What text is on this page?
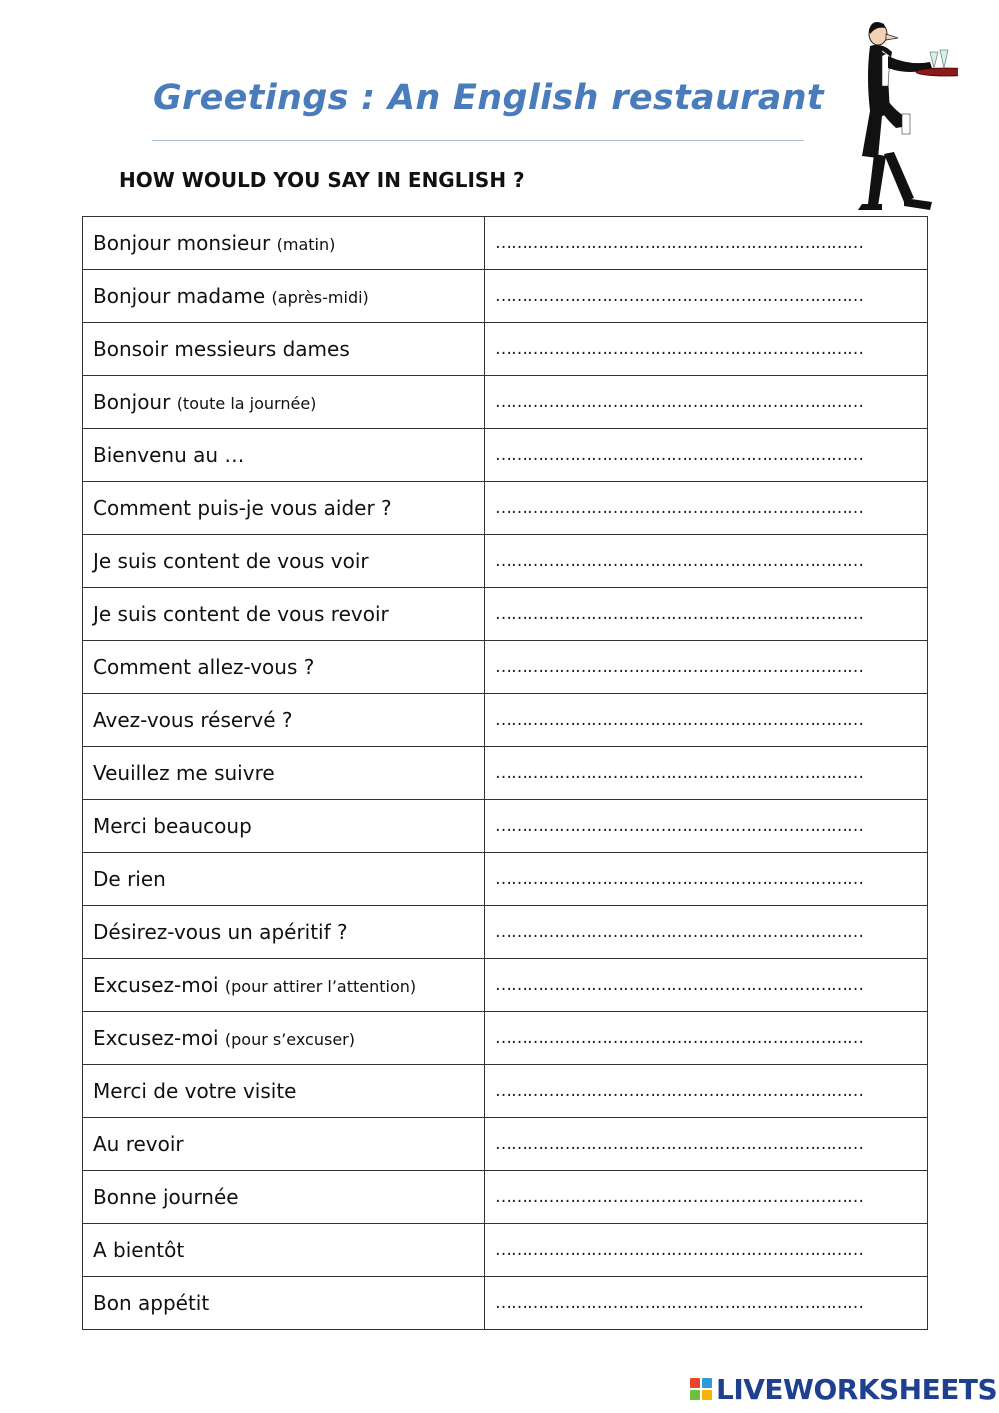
Greetings : An English restaurant
HOW WOULD YOU SAY IN ENGLISH ?
Bonjour monsieur (matin)	……………………………………………………………
Bonjour madame (après-midi)	……………………………………………………………
Bonsoir messieurs dames	……………………………………………………………
Bonjour (toute la journée)	……………………………………………………………
Bienvenu au …	……………………………………………………………
Comment puis-je vous aider ?	……………………………………………………………
Je suis content de vous voir	……………………………………………………………
Je suis content de vous revoir	……………………………………………………………
Comment allez-vous ?	……………………………………………………………
Avez-vous réservé ?	……………………………………………………………
Veuillez me suivre	……………………………………………………………
Merci beaucoup	……………………………………………………………
De rien	……………………………………………………………
Désirez-vous un apéritif ?	……………………………………………………………
Excusez-moi (pour attirer l’attention)	……………………………………………………………
Excusez-moi (pour s’excuser)	……………………………………………………………
Merci de votre visite	……………………………………………………………
Au revoir	……………………………………………………………
Bonne journée	……………………………………………………………
A bientôt	……………………………………………………………
Bon appétit	……………………………………………………………
LIVEWORKSHEETS
